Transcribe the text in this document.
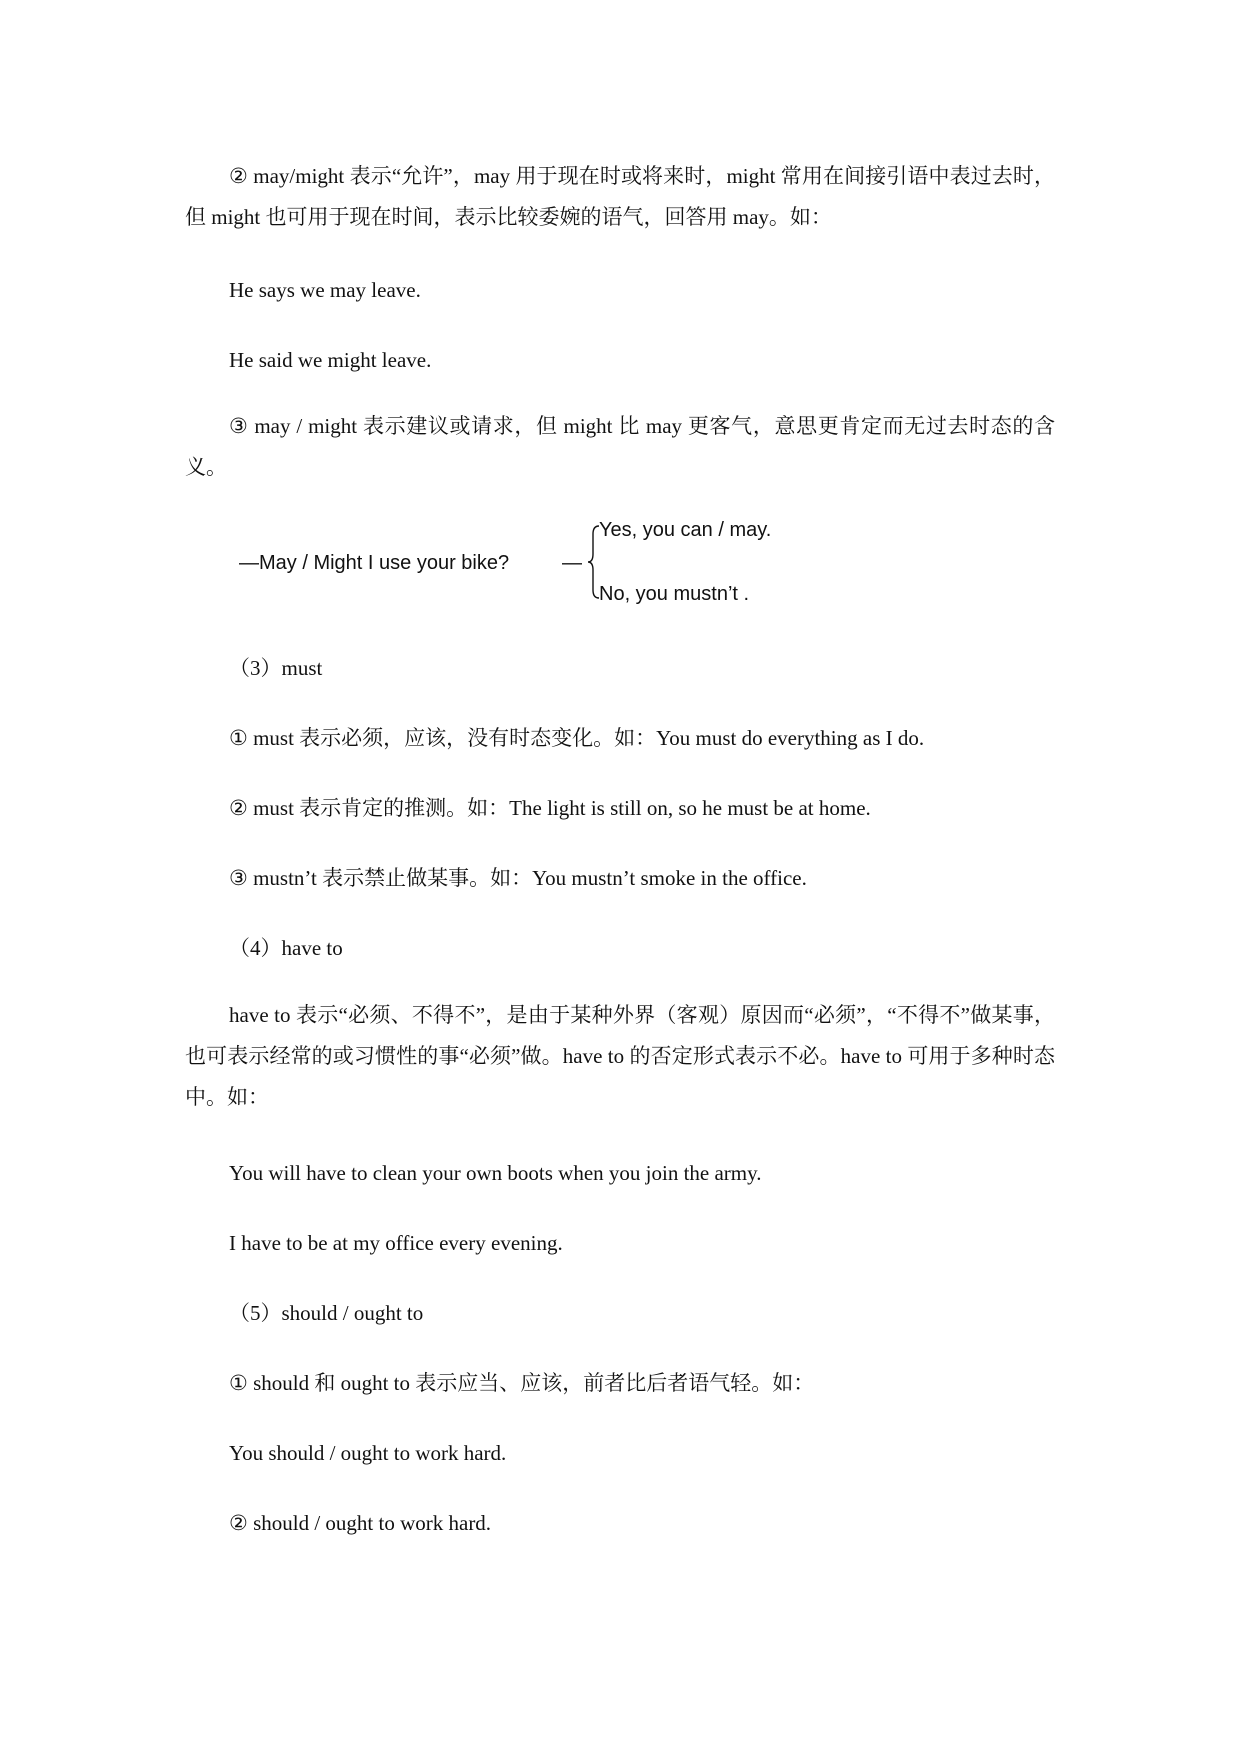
② may/might 表示“允许”，may 用于现在时或将来时，might 常用在间接引语中表过去时，但 might 也可用于现在时间，表示比较委婉的语气，回答用 may。如：
He says we may leave.
He said we might leave.
③ may / might 表示建议或请求，但 might 比 may 更客气，意思更肯定而无过去时态的含义。
—May / Might I use your bike?	—
Yes, you can / may.
No, you mustn’t .
（3）must
① must 表示必须，应该，没有时态变化。如：You must do everything as I do.
② must 表示肯定的推测。如：The light is still on, so he must be at home.
③ mustn’t 表示禁止做某事。如：You mustn’t smoke in the office.
（4）have to
have to 表示“必须、不得不”，是由于某种外界（客观）原因而“必须”，“不得不”做某事，也可表示经常的或习惯性的事“必须”做。have to 的否定形式表示不必。have to 可用于多种时态中。如：
You will have to clean your own boots when you join the army.
I have to be at my office every evening.
（5）should / ought to
① should 和 ought to 表示应当、应该，前者比后者语气轻。如：
You should / ought to work hard.
② should / ought to work hard.
